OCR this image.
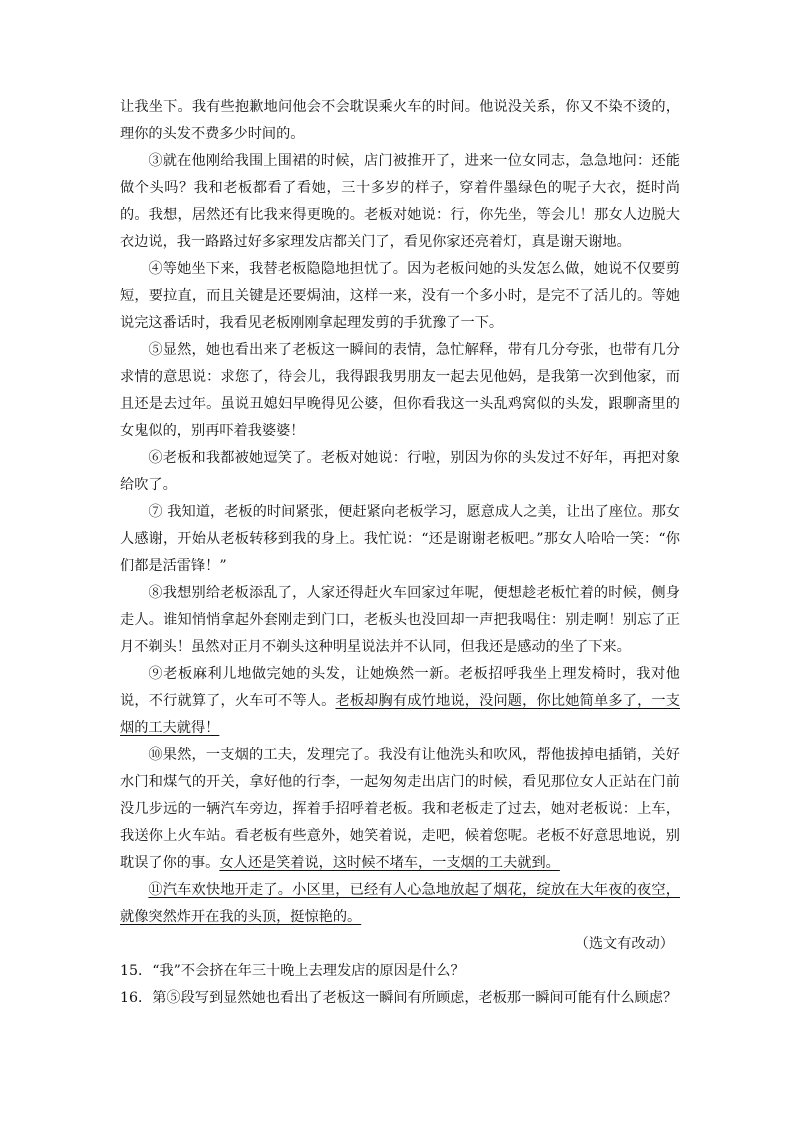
让我坐下。我有些抱歉地问他会不会耽误乘火车的时间。他说没关系，你又不染不烫的，理你的头发不费多少时间的。

③就在他刚给我围上围裙的时候，店门被推开了，进来一位女同志，急急地问：还能做个头吗？我和老板都看了看她，三十多岁的样子，穿着件墨绿色的呢子大衣，挺时尚的。我想，居然还有比我来得更晚的。老板对她说：行，你先坐，等会儿！那女人边脱大衣边说，我一路路过好多家理发店都关门了，看见你家还亮着灯，真是谢天谢地。

④等她坐下来，我替老板隐隐地担忧了。因为老板问她的头发怎么做，她说不仅要剪短，要拉直，而且关键是还要焗油，这样一来，没有一个多小时，是完不了活儿的。等她说完这番话时，我看见老板刚刚拿起理发剪的手犹豫了一下。

⑤显然，她也看出来了老板这一瞬间的表情，急忙解释，带有几分夸张，也带有几分求情的意思说：求您了，待会儿，我得跟我男朋友一起去见他妈，是我第一次到他家，而且还是去过年。虽说丑媳妇早晚得见公婆，但你看我这一头乱鸡窝似的头发，跟聊斋里的女鬼似的，别再吓着我婆婆！

⑥老板和我都被她逗笑了。老板对她说：行啦，别因为你的头发过不好年，再把对象给吹了。

⑦ 我知道，老板的时间紧张，便赶紧向老板学习，愿意成人之美，让出了座位。那女人感谢，开始从老板转移到我的身上。我忙说：“还是谢谢老板吧。”那女人哈哈一笑：“你们都是活雷锋！”

⑧我想别给老板添乱了，人家还得赶火车回家过年呢，便想趁老板忙着的时候，侧身走人。谁知悄悄拿起外套刚走到门口，老板头也没回却一声把我喝住：别走啊！别忘了正月不剃头！虽然对正月不剃头这种明星说法并不认同，但我还是感动的坐了下来。

⑨老板麻利儿地做完她的头发，让她焕然一新。老板招呼我坐上理发椅时，我对他说，不行就算了，火车可不等人。老板却胸有成竹地说，没问题，你比她简单多了，一支烟的工夫就得！

⑩果然，一支烟的工夫，发理完了。我没有让他洗头和吹风，帮他拔掉电插销，关好水门和煤气的开关，拿好他的行李，一起匆匆走出店门的时候，看见那位女人正站在门前没几步远的一辆汽车旁边，挥着手招呼着老板。我和老板走了过去，她对老板说：上车，我送你上火车站。看老板有些意外，她笑着说，走吧，候着您呢。老板不好意思地说，别耽误了你的事。女人还是笑着说，这时候不堵车，一支烟的工夫就到。

⑪汽车欢快地开走了。小区里，已经有人心急地放起了烟花，绽放在大年夜的夜空，就像突然炸开在我的头顶，挺惊艳的。

（选文有改动）

15．“我”不会挤在年三十晚上去理发店的原因是什么？

16．第⑤段写到显然她也看出了老板这一瞬间有所顾虑，老板那一瞬间可能有什么顾虑？
